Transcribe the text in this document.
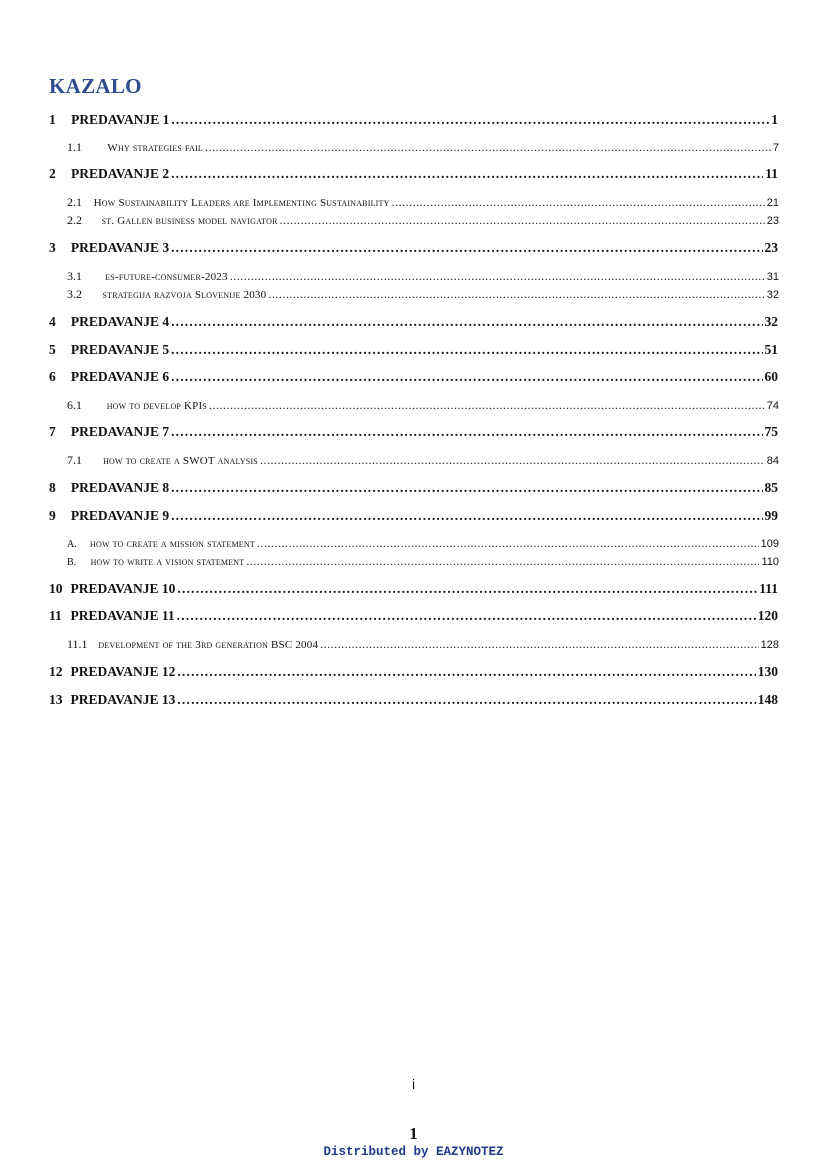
KAZALO
1	PREDAVANJE 1 .....	1
1.1	Why strategies fail .....	7
2	PREDAVANJE 2 .....	11
2.1	How Sustainability Leaders are Implementing Sustainability .....	21
2.2	st. Gallen business model navigator .....	23
3	PREDAVANJE 3 .....	23
3.1	es-future-consumer-2023 .....	31
3.2	strategija razvoja Slovenije 2030 .....	32
4	PREDAVANJE 4 .....	32
5	PREDAVANJE 5 .....	51
6	PREDAVANJE 6 .....	60
6.1	how to develop KPIs .....	74
7	PREDAVANJE 7 .....	75
7.1	how to create a SWOT analysis .....	84
8	PREDAVANJE 8 .....	85
9	PREDAVANJE 9 .....	99
A.	how to create a mission statement .....	109
B.	how to write a vision statement .....	110
10 PREDAVANJE 10 .....	111
11 PREDAVANJE 11 .....	120
11.1 development of the 3rd generation BSC 2004 .....	128
12 PREDAVANJE 12 .....	130
13 PREDAVANJE 13 .....	148
i
1
Distributed by EAZYNOTEZ
